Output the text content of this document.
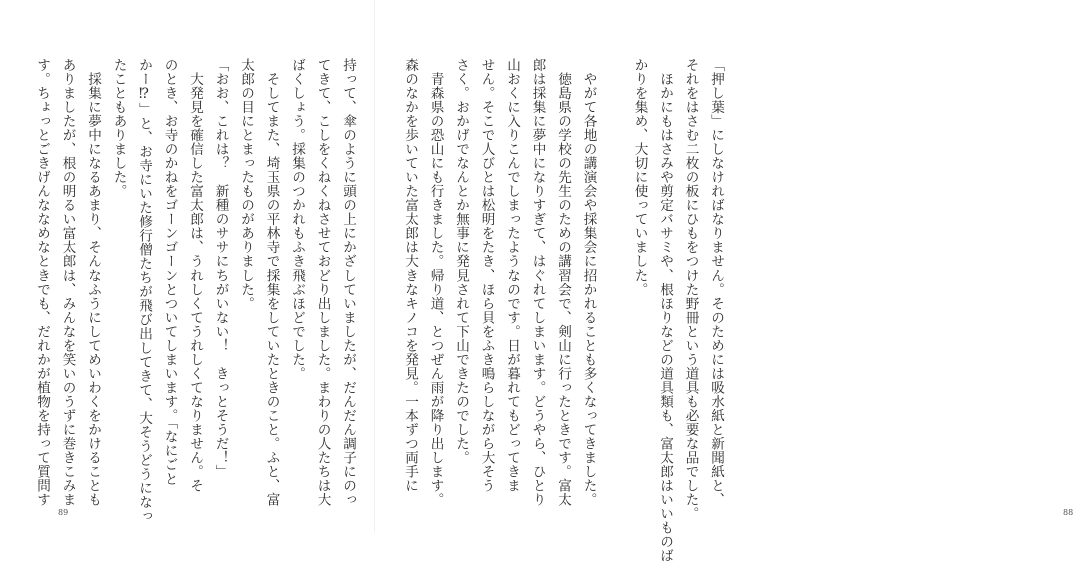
持って、傘のように頭の上にかざしていましたが、だんだん調子にのっ
てきて、こしをくねくねさせておどり出しました。まわりの人たちは大
ばくしょう。採集のつかれもふき飛ぶほどでした。
　そしてまた、埼玉県の平林寺で採集をしていたときのこと。ふと、富
太郎の目にとまったものがありました。
「おお、これは？　新種のササにちがいない！　きっとそうだ！」
　大発見を確信した富太郎は、うれしくてうれしくてなりません。そ
のとき、お寺のかねをゴーンゴーンとついてしまいます。「なにごと
かー⁉」と、お寺にいた修行僧たちが飛び出してきて、大そうどうになっ
たこともありました。
　採集に夢中になるあまり、そんなふうにしてめいわくをかけることも
ありましたが、根の明るい富太郎は、みんなを笑いのうずに巻きこみま
す。ちょっとごきげんななめなときでも、だれかが植物を持って質問す
89
「押し葉」にしなければなりません。そのためには吸水紙と新聞紙と、
それをはさむ二枚の板にひもをつけた野冊という道具も必要な品でした。
　ほかにもはさみや剪定バサミや、根ほりなどの道具類も、富太郎はいいものば
かりを集め、大切に使っていました。
　やがて各地の講演会や採集会に招かれることも多くなってきました。
　徳島県の学校の先生のための講習会で、剣山に行ったときです。富太
郎は採集に夢中になりすぎて、はぐれてしまいます。どうやら、ひとり
山おくに入りこんでしまったようなのです。日が暮れてもどってきま
せん。そこで人びとは松明をたき、ほら貝をふき鳴らしながら大そう
さく。おかげでなんとか無事に発見されて下山できたのでした。
　青森県の恐山にも行きました。帰り道、とつぜん雨が降り出します。
森のなかを歩いていた富太郎は大きなキノコを発見。一本ずつ両手に
88
